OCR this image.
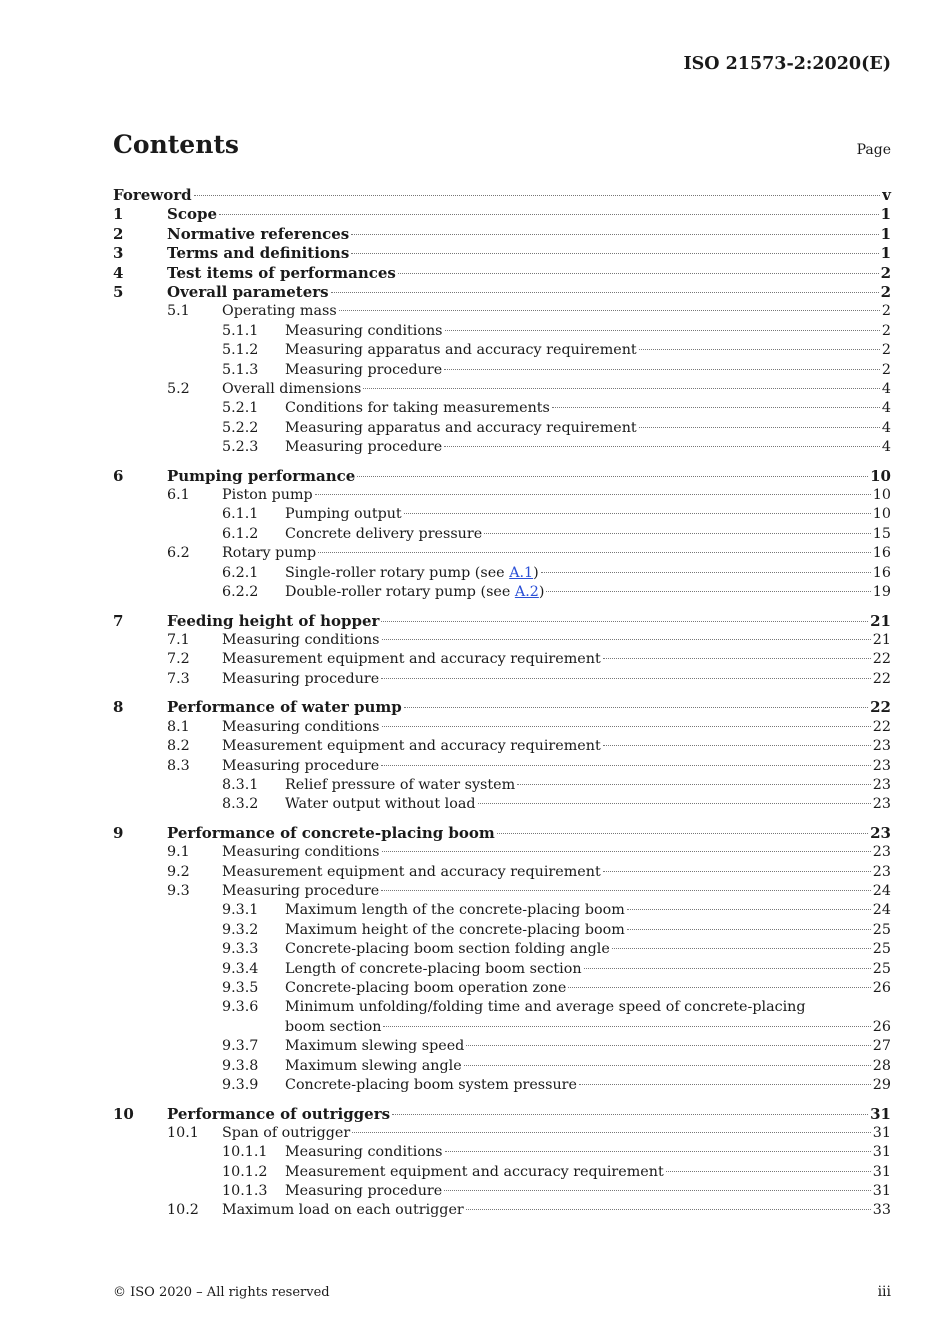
ISO 21573-2:2020(E)
Contents	Page
Foreword	v
1	Scope	1
2	Normative references	1
3	Terms and definitions	1
4	Test items of performances	2
5	Overall parameters	2
5.1 Operating mass	2
5.1.1 Measuring conditions	2
5.1.2 Measuring apparatus and accuracy requirement	2
5.1.3 Measuring procedure	2
5.2 Overall dimensions	4
5.2.1 Conditions for taking measurements	4
5.2.2 Measuring apparatus and accuracy requirement	4
5.2.3 Measuring procedure	4
6	Pumping performance	10
6.1 Piston pump	10
6.1.1 Pumping output	10
6.1.2 Concrete delivery pressure	15
6.2 Rotary pump	16
6.2.1 Single-roller rotary pump (see A.1)	16
6.2.2 Double-roller rotary pump (see A.2)	19
7	Feeding height of hopper	21
7.1 Measuring conditions	21
7.2 Measurement equipment and accuracy requirement	22
7.3 Measuring procedure	22
8	Performance of water pump	22
8.1 Measuring conditions	22
8.2 Measurement equipment and accuracy requirement	23
8.3 Measuring procedure	23
8.3.1 Relief pressure of water system	23
8.3.2 Water output without load	23
9	Performance of concrete-placing boom	23
9.1 Measuring conditions	23
9.2 Measurement equipment and accuracy requirement	23
9.3 Measuring procedure	24
9.3.1 Maximum length of the concrete-placing boom	24
9.3.2 Maximum height of the concrete-placing boom	25
9.3.3 Concrete-placing boom section folding angle	25
9.3.4 Length of concrete-placing boom section	25
9.3.5 Concrete-placing boom operation zone	26
9.3.6 Minimum unfolding/folding time and average speed of concrete-placing
boom section	26
9.3.7 Maximum slewing speed	27
9.3.8 Maximum slewing angle	28
9.3.9 Concrete-placing boom system pressure	29
10 Performance of outriggers	31
10.1 Span of outrigger	31
10.1.1 Measuring conditions	31
10.1.2 Measurement equipment and accuracy requirement	31
10.1.3 Measuring procedure	31
10.2 Maximum load on each outrigger	33
© ISO 2020 – All rights reserved	iii
